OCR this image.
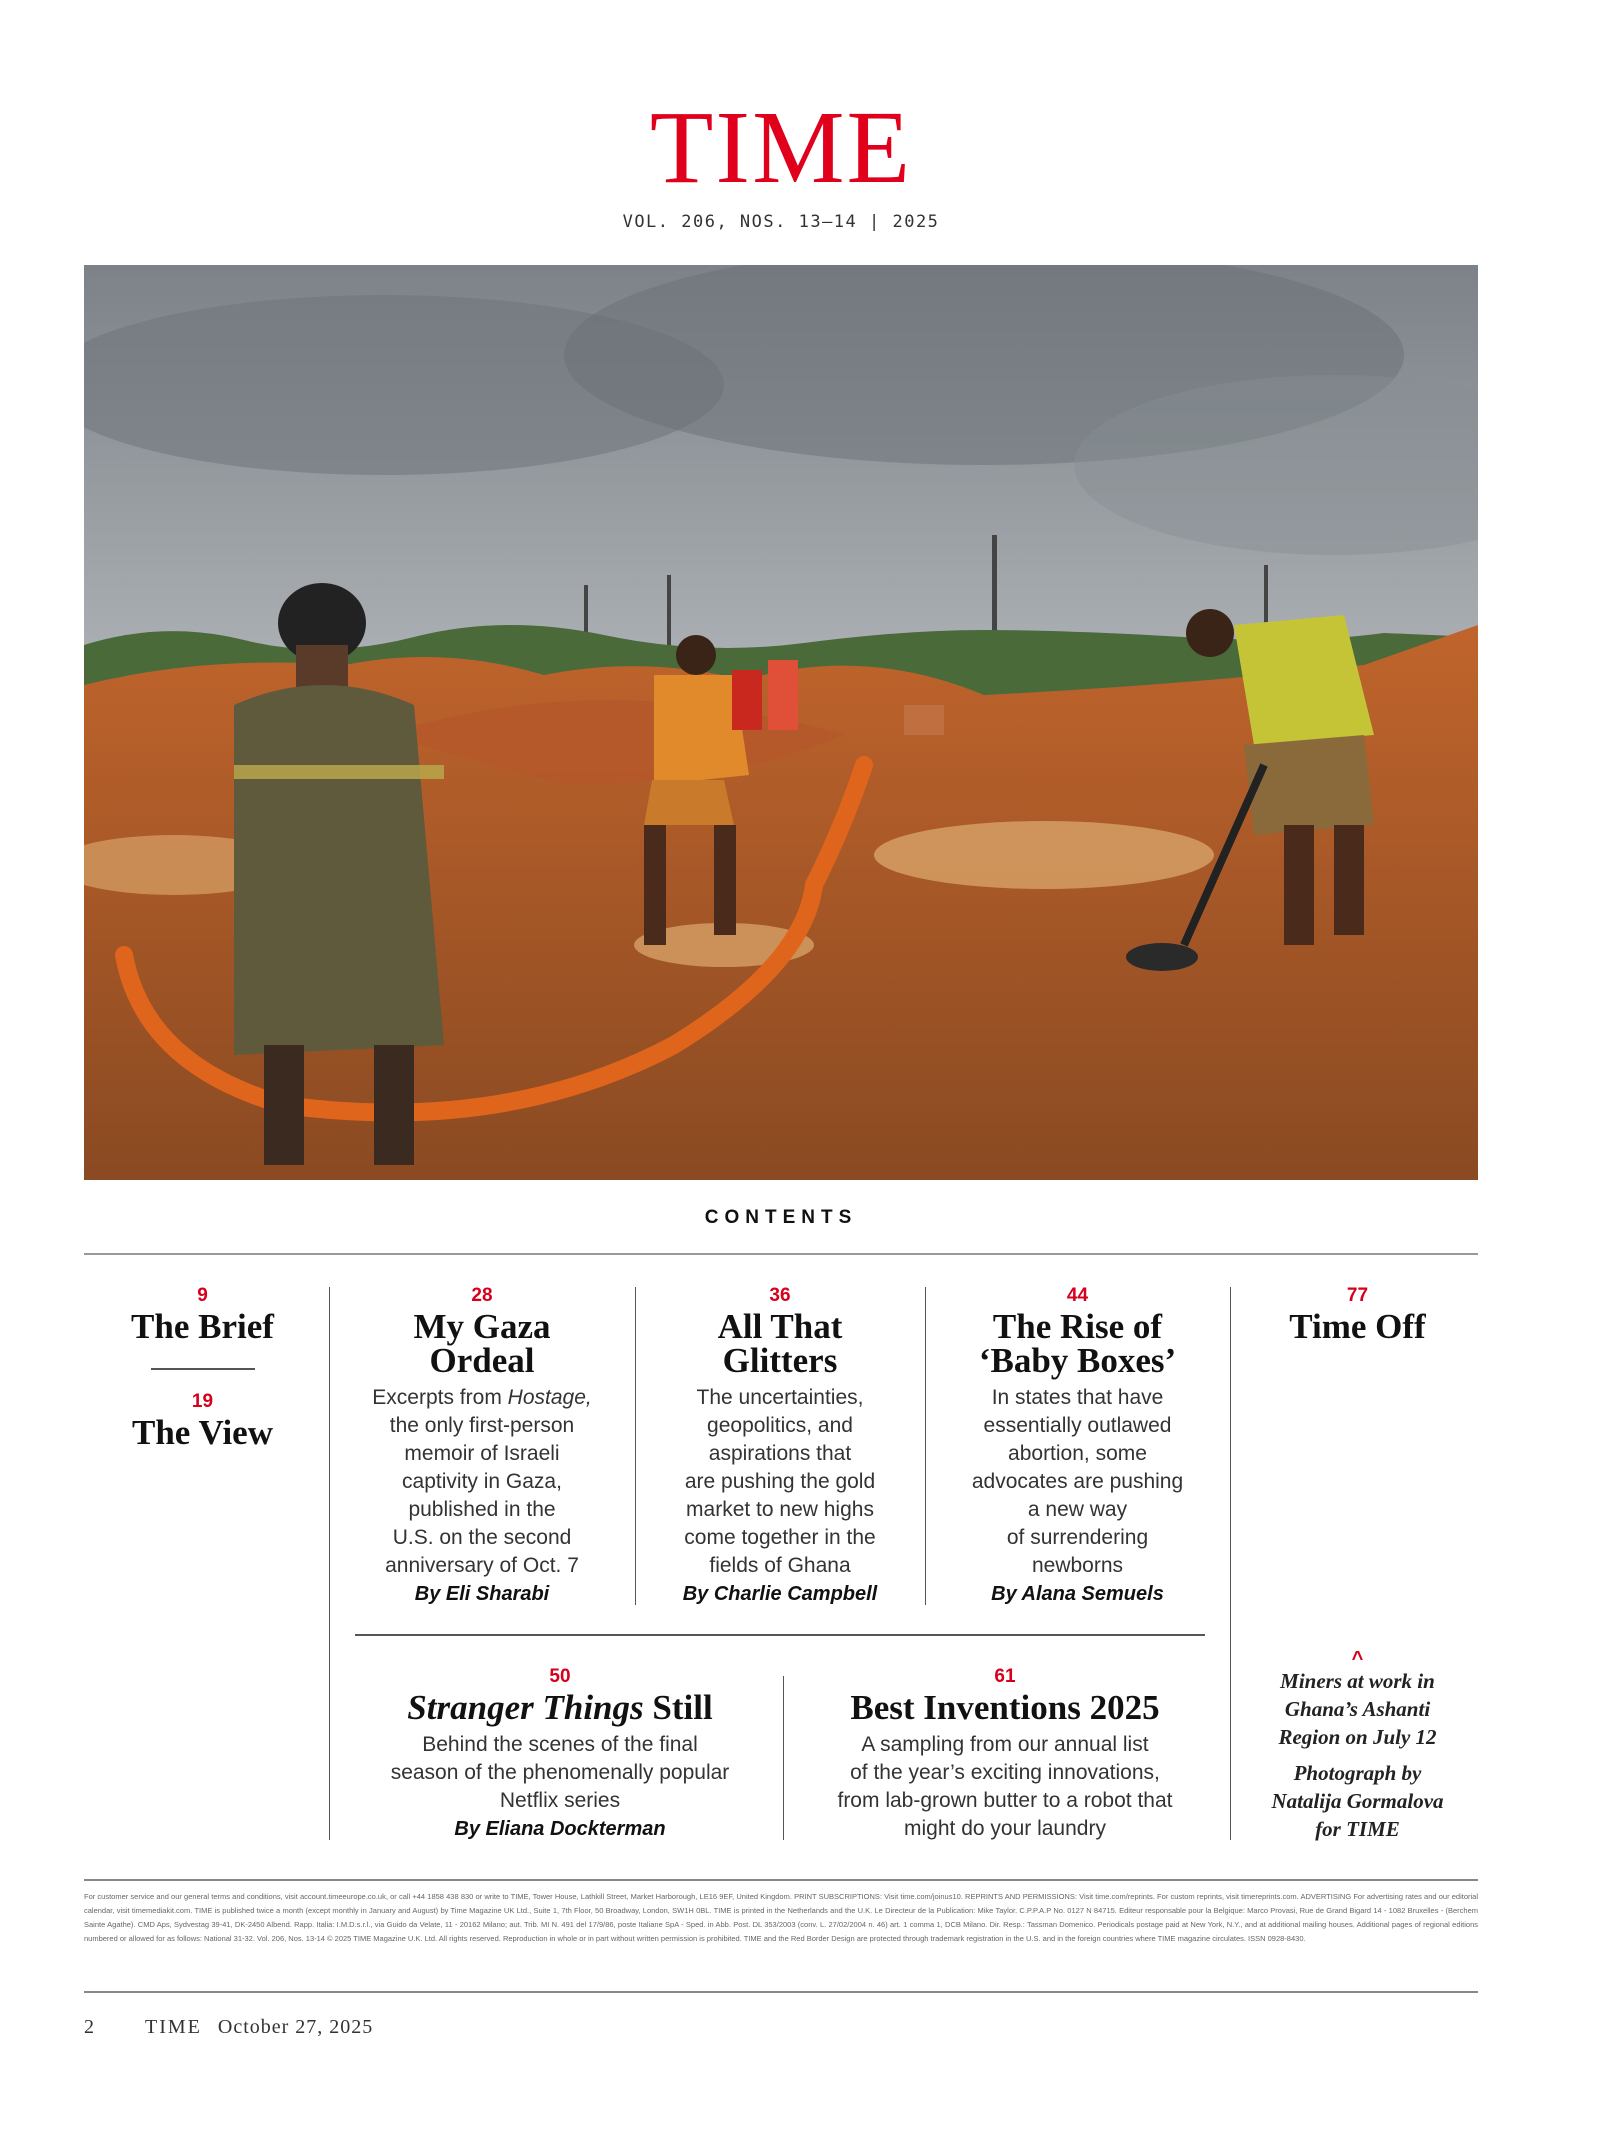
TIME
VOL. 206, NOS. 13–14 | 2025
CONTENTS
9
The Brief
19
The View
28
My Gaza
Ordeal
Excerpts from Hostage,
the only first-person
memoir of Israeli
captivity in Gaza,
published in the
U.S. on the second
anniversary of Oct. 7
By Eli Sharabi
36
All That
Glitters
The uncertainties,
geopolitics, and
aspirations that
are pushing the gold
market to new highs
come together in the
fields of Ghana
By Charlie Campbell
44
The Rise of
‘Baby Boxes’
In states that have
essentially outlawed
abortion, some
advocates are pushing
a new way
of surrendering
newborns
By Alana Semuels
77
Time Off
50
Stranger Things Still
Behind the scenes of the final
season of the phenomenally popular
Netflix series
By Eliana Dockterman
61
Best Inventions 2025
A sampling from our annual list
of the year’s exciting innovations,
from lab-grown butter to a robot that
might do your laundry
^
Miners at work in
Ghana’s Ashanti
Region on July 12
Photograph by
Natalija Gormalova
for TIME
For customer service and our general terms and conditions, visit account.timeeurope.co.uk, or call +44 1858 438 830 or write to TIME, Tower House, Lathkill Street, Market Harborough, LE16 9EF, United Kingdom. PRINT SUBSCRIPTIONS: Visit time.com/joinus10. REPRINTS AND PERMISSIONS: Visit time.com/reprints. For custom reprints, visit timereprints.com. ADVERTISING For advertising rates and our editorial calendar, visit timemediakit.com. TIME is published twice a month (except monthly in January and August) by Time Magazine UK Ltd., Suite 1, 7th Floor, 50 Broadway, London, SW1H 0BL. TIME is printed in the Netherlands and the U.K. Le Directeur de la Publication: Mike Taylor. C.P.P.A.P No. 0127 N 84715. Editeur responsable pour la Belgique: Marco Provasi, Rue de Grand Bigard 14 - 1082 Bruxelles - (Berchem Sainte Agathe). CMD Aps, Sydvestag 39-41, DK-2450 Albend. Rapp. Italia: I.M.D.s.r.l., via Guido da Velate, 11 - 20162 Milano; aut. Trib. MI N. 491 del 17/9/86, poste Italiane SpA - Sped. in Abb. Post. DL 353/2003 (conv. L. 27/02/2004 n. 46) art. 1 comma 1, DCB Milano. Dir. Resp.: Tassman Domenico. Periodicals postage paid at New York, N.Y., and at additional mailing houses. Additional pages of regional editions numbered or allowed for as follows: National 31-32. Vol. 206, Nos. 13-14 © 2025 TIME Magazine U.K. Ltd. All rights reserved. Reproduction in whole or in part without written permission is prohibited. TIME and the Red Border Design are protected through trademark registration in the U.S. and in the foreign countries where TIME magazine circulates. ISSN 0928-8430.
2	TIME October 27, 2025
